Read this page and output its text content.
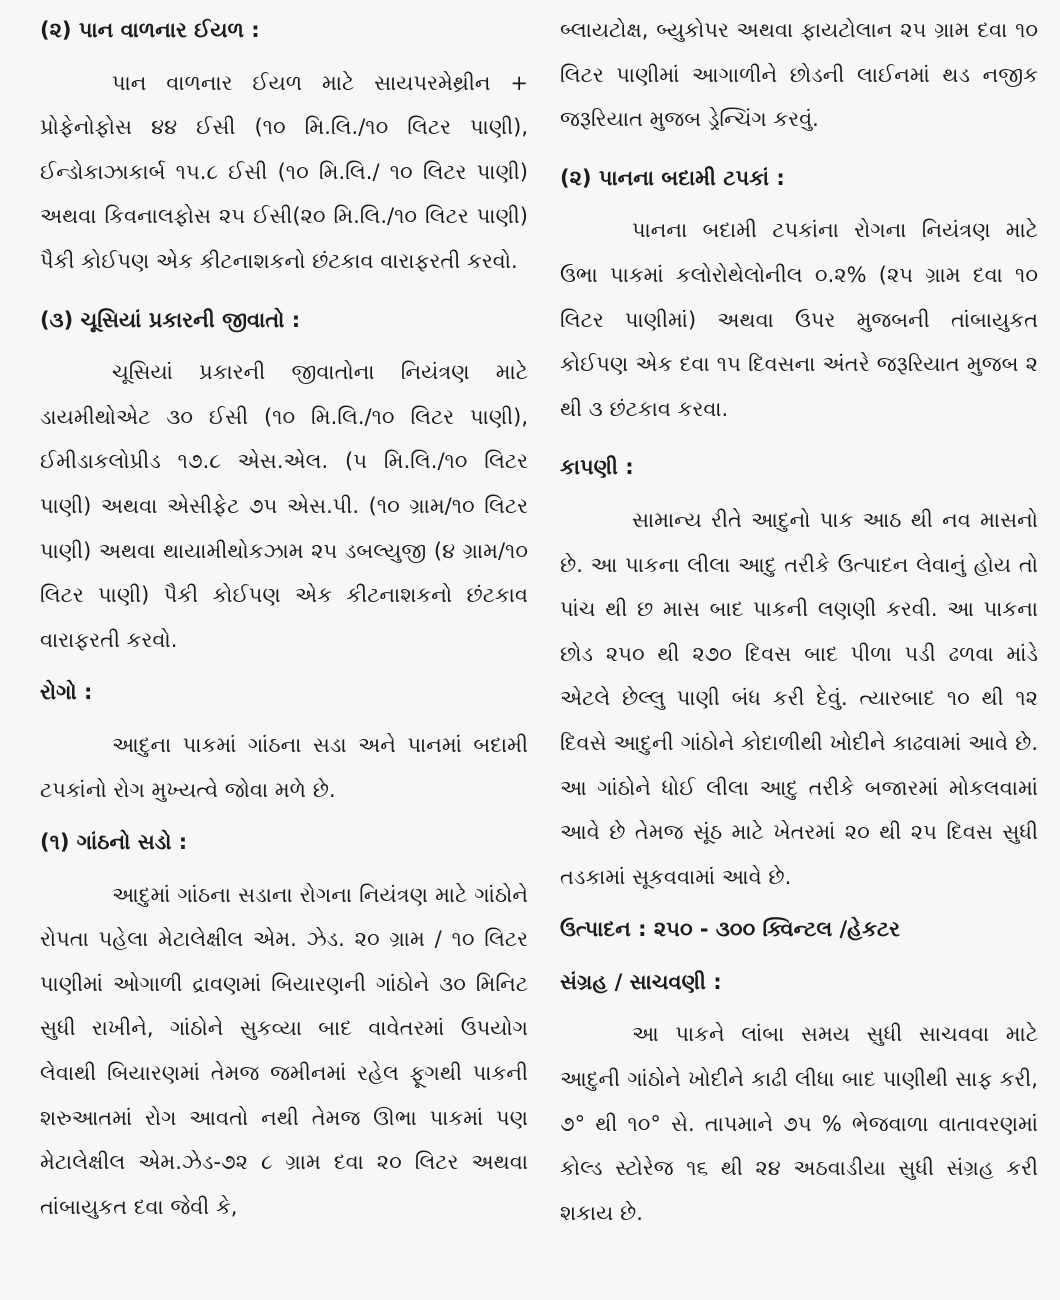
(૨) પાન વાળનાર ઈયળ :

પાન વાળનાર ઈયળ માટે સાયપરમેથ્રીન + પ્રોફેનોફોસ ૪૪ ઈસી (૧૦ મિ.લિ./૧૦ લિટર પાણી), ઈન્ડોકાઝાકાર્બ ૧૫.૮ ઈસી (૧૦ મિ.લિ./ ૧૦ લિટર પાણી) અથવા કિવનાલફોસ ૨૫ ઈસી(૨૦ મિ.લિ./૧૦ લિટર પાણી) પૈકી કોઈપણ એક કીટનાશકનો છંટકાવ વારાફરતી કરવો.

(૩) ચૂસિયાં પ્રકારની જીવાતો :

ચૂસિયાં પ્રકારની જીવાતોના નિયંત્રણ માટે ડાયમીથોએટ ૩૦ ઈસી (૧૦ મિ.લિ./૧૦ લિટર પાણી), ઈમીડાકલોપ્રીડ ૧૭.૮ એસ.એલ. (૫ મિ.લિ./૧૦ લિટર પાણી) અથવા એસીફેટ ૭૫ એસ.પી. (૧૦ ગ્રામ/૧૦ લિટર પાણી) અથવા થાયામીથોકઝામ ૨૫ ડબલ્યુજી (૪ ગ્રામ/૧૦ લિટર પાણી) પૈકી કોઈપણ એક કીટનાશકનો છંટકાવ વારાફરતી કરવો.

રોગો :

આદુના પાકમાં ગાંઠના સડા અને પાનમાં બદામી ટપકાંનો રોગ મુખ્યત્વે જોવા મળે છે.

(૧) ગાંઠનો સડો :

આદુમાં ગાંઠના સડાના રોગના નિયંત્રણ માટે ગાંઠોને રોપતા પહેલા મેટાલેક્ષીલ એમ. ઝેડ. ૨૦ ગ્રામ / ૧૦ લિટર પાણીમાં ઓગાળી દ્રાવણમાં બિયારણની ગાંઠોને ૩૦ મિનિટ સુધી રાખીને, ગાંઠોને સુકવ્યા બાદ વાવેતરમાં ઉપયોગ લેવાથી બિયારણમાં તેમજ જમીનમાં રહેલ ફૂગથી પાકની શરુઆતમાં રોગ આવતો નથી તેમજ ઊભા પાકમાં પણ મેટાલેક્ષીલ એમ.ઝેડ-૭૨ ૮ ગ્રામ દવા ૨૦ લિટર અથવા તાંબાયુકત દવા જેવી કે,

બ્લાયટોક્ષ, બ્યુકોપર અથવા ફાયટોલાન ૨૫ ગ્રામ દવા ૧૦ લિટર પાણીમાં આગાળીને છોડની લાઈનમાં થડ નજીક જરૂરિયાત મુજબ ડ્રેન્ચિંગ કરવું.

(૨) પાનના બદામી ટપકાં :

પાનના બદામી ટપકાંના રોગના નિયંત્રણ માટે ઉભા પાકમાં કલોરોથેલોનીલ ૦.૨% (૨૫ ગ્રામ દવા ૧૦ લિટર પાણીમાં) અથવા ઉપર મુજબની તાંબાયુકત કોઈપણ એક દવા ૧૫ દિવસના અંતરે જરૂરિયાત મુજબ ૨ થી ૩ છંટકાવ કરવા.

કાપણી :

સામાન્ય રીતે આદુનો પાક આઠ થી નવ માસનો છે. આ પાકના લીલા આદુ તરીકે ઉત્પાદન લેવાનું હોય તો પાંચ થી છ માસ બાદ પાકની લણણી કરવી. આ પાકના છોડ ૨૫૦ થી ૨૭૦ દિવસ બાદ પીળા પડી ઢળવા માંડે એટલે છેલ્લુ પાણી બંધ કરી દેવું. ત્યારબાદ ૧૦ થી ૧૨ દિવસે આદુની ગાંઠોને કોદાળીથી ખોદીને કાઢવામાં આવે છે. આ ગાંઠોને ધોઈ લીલા આદુ તરીકે બજારમાં મોકલવામાં આવે છે તેમજ સૂંઠ માટે ખેતરમાં ૨૦ થી ૨૫ દિવસ સુધી તડકામાં સૂકવવામાં આવે છે.

ઉત્પાદન : ૨૫૦ - ૩૦૦ ક્વિન્ટલ /હેકટર
સંગ્રહ / સાચવણી :

આ પાકને લાંબા સમય સુધી સાચવવા માટે આદુની ગાંઠોને ખોદીને કાઢી લીધા બાદ પાણીથી સાફ કરી, ૭° થી ૧૦° સે. તાપમાને ૭૫ % ભેજવાળા વાતાવરણમાં કોલ્ડ સ્ટોરેજ ૧૬ થી ૨૪ અઠવાડીયા સુધી સંગ્રહ કરી શકાય છે.
